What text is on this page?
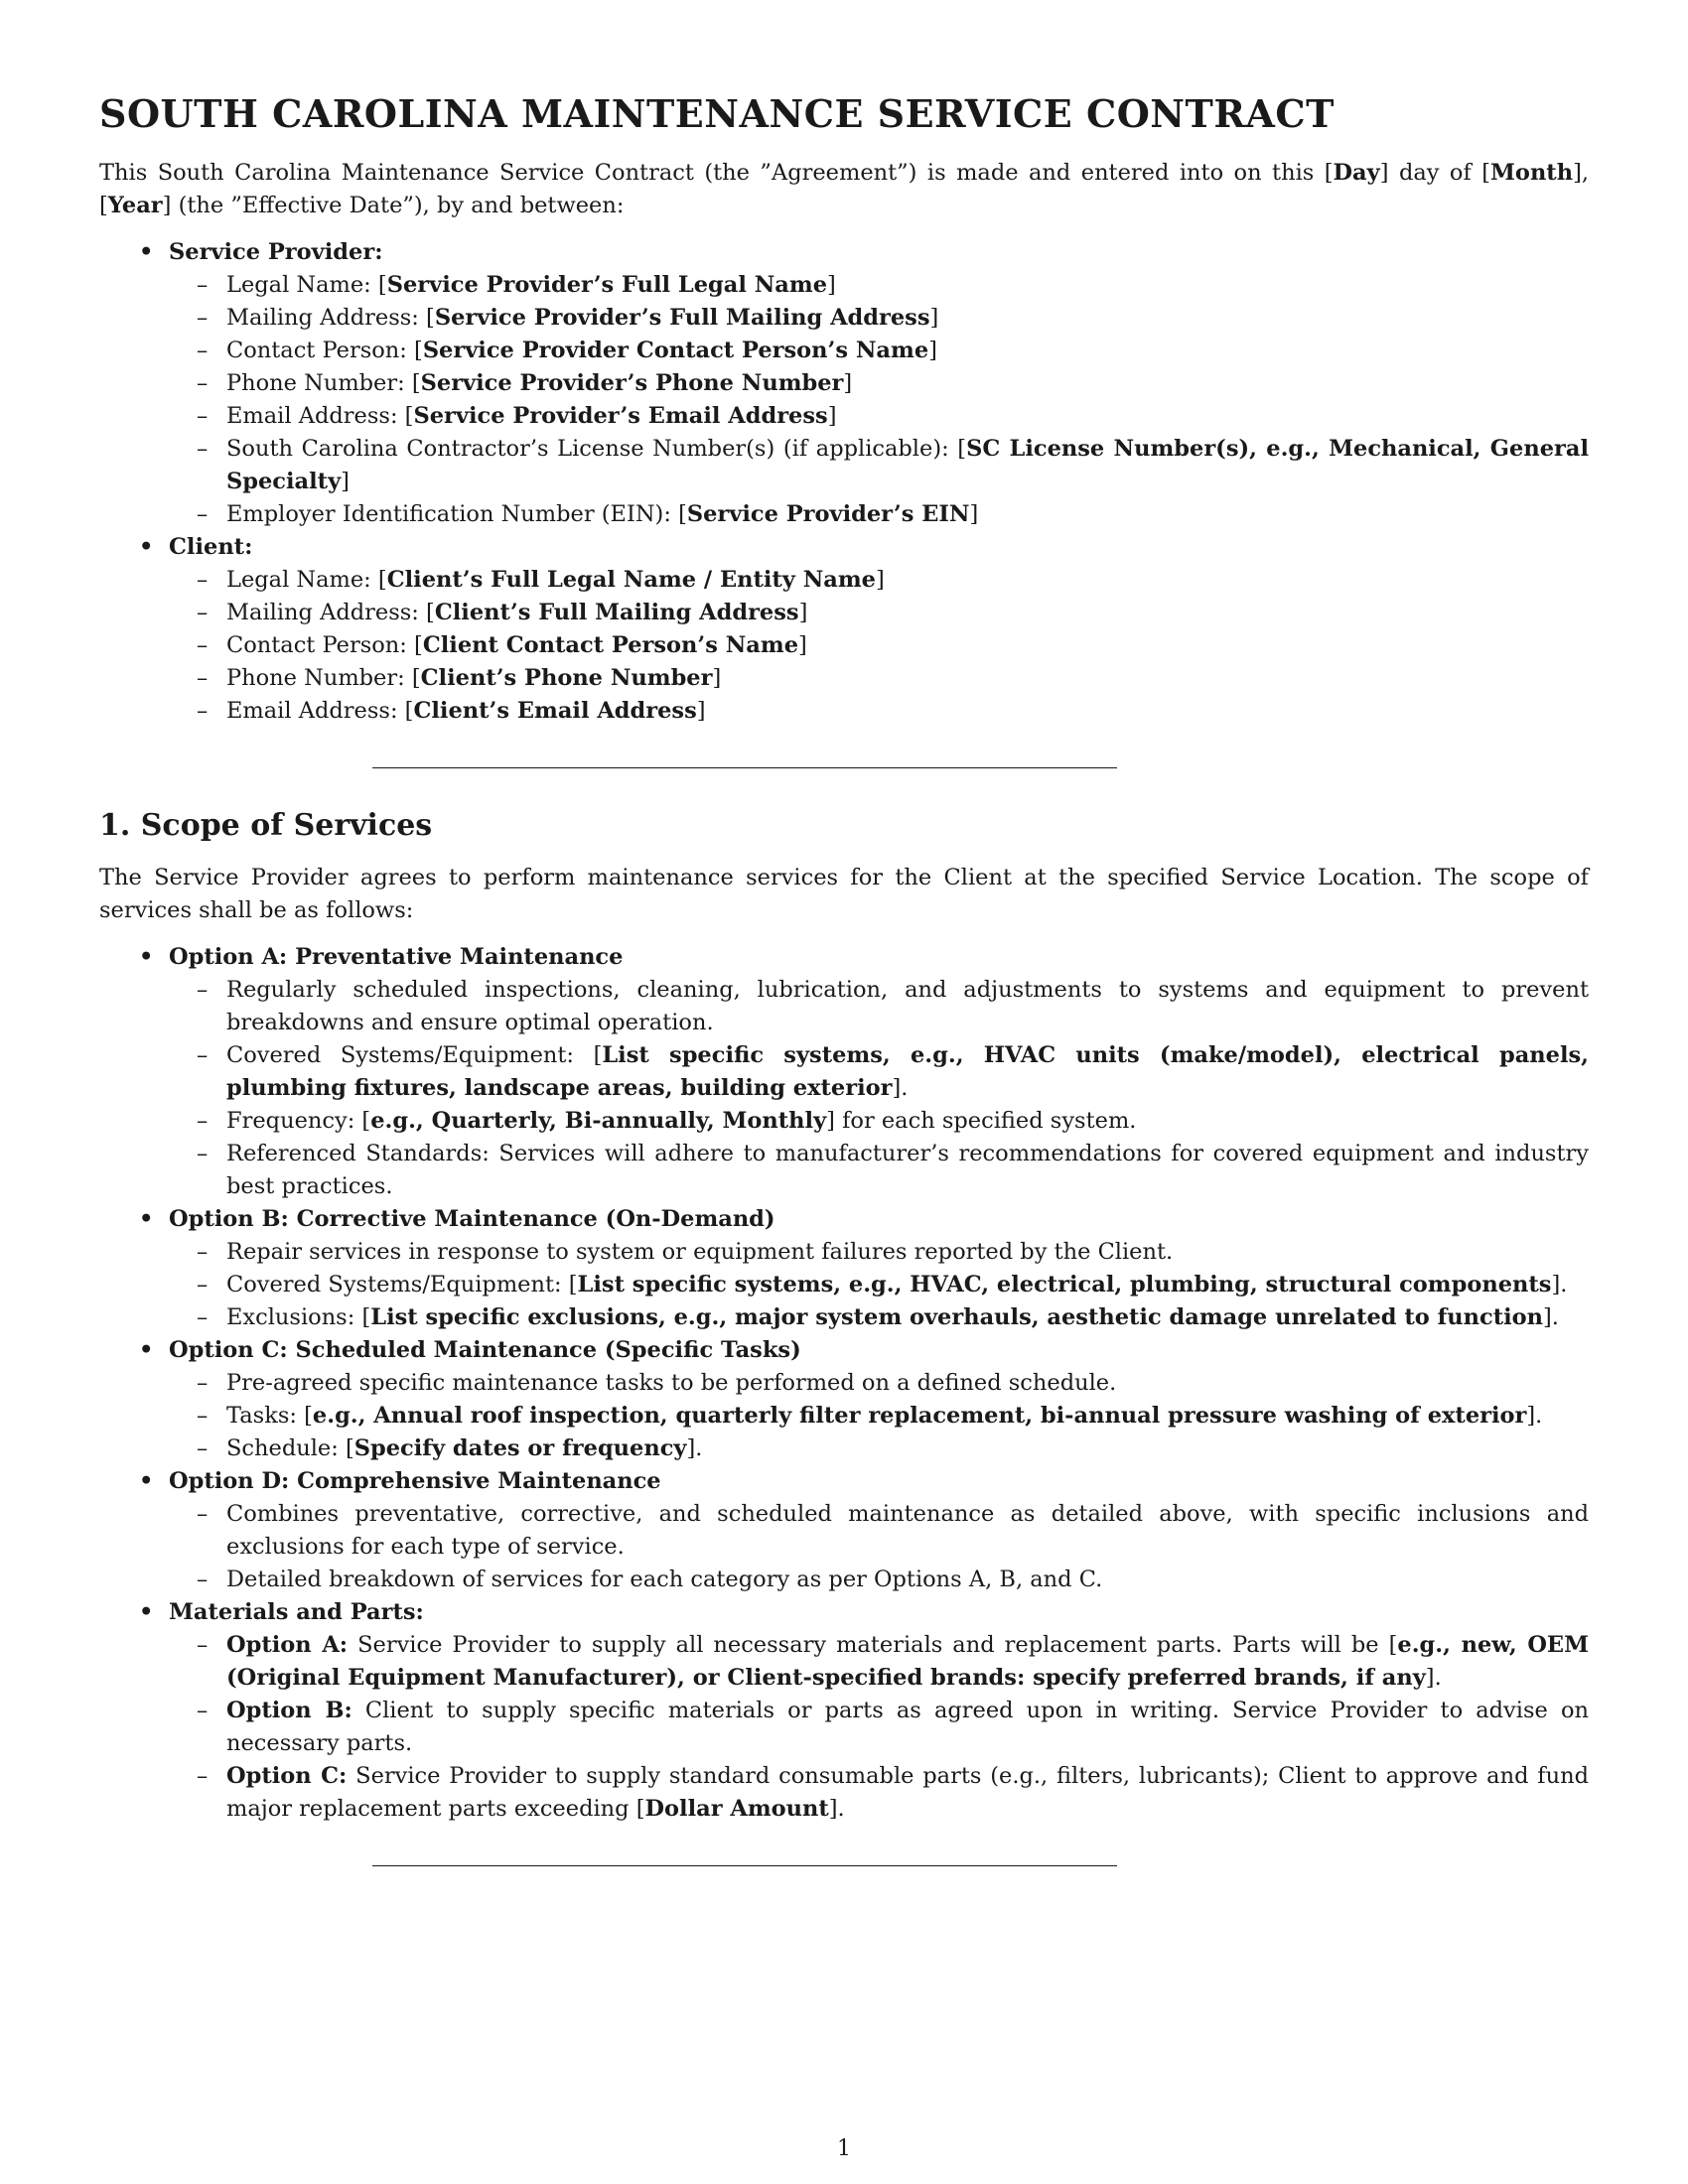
SOUTH CAROLINA MAINTENANCE SERVICE CONTRACT

This South Carolina Maintenance Service Contract (the ”Agreement”) is made and entered into on this [Day] day of [Month], [Year] (the ”Effective Date”), by and between:

• Service Provider:
– Legal Name: [Service Provider’s Full Legal Name]
– Mailing Address: [Service Provider’s Full Mailing Address]
– Contact Person: [Service Provider Contact Person’s Name]
– Phone Number: [Service Provider’s Phone Number]
– Email Address: [Service Provider’s Email Address]
– South Carolina Contractor’s License Number(s) (if applicable): [SC License Number(s), e.g., Mechanical, General Specialty]
– Employer Identification Number (EIN): [Service Provider’s EIN]
• Client:
– Legal Name: [Client’s Full Legal Name / Entity Name]
– Mailing Address: [Client’s Full Mailing Address]
– Contact Person: [Client Contact Person’s Name]
– Phone Number: [Client’s Phone Number]
– Email Address: [Client’s Email Address]
1. Scope of Services

The Service Provider agrees to perform maintenance services for the Client at the specified Service Location. The scope of services shall be as follows:

• Option A: Preventative Maintenance
– Regularly scheduled inspections, cleaning, lubrication, and adjustments to systems and equipment to prevent breakdowns and ensure optimal operation.
– Covered Systems/Equipment: [List specific systems, e.g., HVAC units (make/model), electrical panels, plumbing fixtures, landscape areas, building exterior].
– Frequency: [e.g., Quarterly, Bi-annually, Monthly] for each specified system.
– Referenced Standards: Services will adhere to manufacturer’s recommendations for covered equipment and industry best practices.
• Option B: Corrective Maintenance (On-Demand)
– Repair services in response to system or equipment failures reported by the Client.
– Covered Systems/Equipment: [List specific systems, e.g., HVAC, electrical, plumbing, structural components].
– Exclusions: [List specific exclusions, e.g., major system overhauls, aesthetic damage unrelated to function].
• Option C: Scheduled Maintenance (Specific Tasks)
– Pre-agreed specific maintenance tasks to be performed on a defined schedule.
– Tasks: [e.g., Annual roof inspection, quarterly filter replacement, bi-annual pressure washing of exterior].
– Schedule: [Specify dates or frequency].
• Option D: Comprehensive Maintenance
– Combines preventative, corrective, and scheduled maintenance as detailed above, with specific inclusions and exclusions for each type of service.
– Detailed breakdown of services for each category as per Options A, B, and C.
• Materials and Parts:
– Option A: Service Provider to supply all necessary materials and replacement parts. Parts will be [e.g., new, OEM (Original Equipment Manufacturer), or Client-specified brands: specify preferred brands, if any].
– Option B: Client to supply specific materials or parts as agreed upon in writing. Service Provider to advise on necessary parts.
– Option C: Service Provider to supply standard consumable parts (e.g., filters, lubricants); Client to approve and fund major replacement parts exceeding [Dollar Amount].
1
